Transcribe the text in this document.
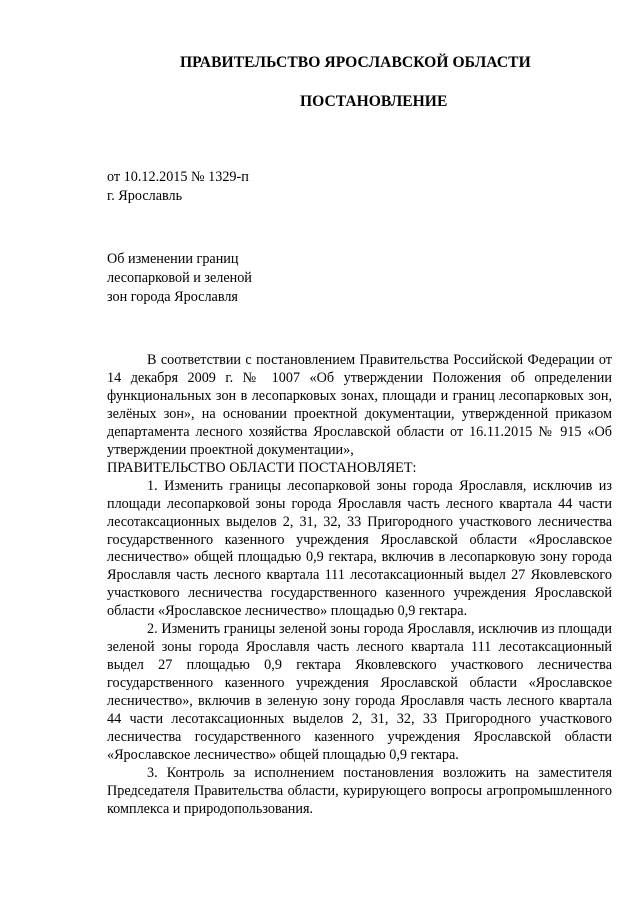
ПРАВИТЕЛЬСТВО ЯРОСЛАВСКОЙ ОБЛАСТИ
ПОСТАНОВЛЕНИЕ
от 10.12.2015 № 1329-п
г. Ярославль
Об изменении границ
лесопарковой и зеленой
зон города Ярославля

В соответствии с постановлением Правительства Российской Федерации от 14 декабря 2009 г. № 1007 «Об утверждении Положения об определении функциональных зон в лесопарковых зонах, площади и границ лесопарковых зон, зелёных зон», на основании проектной документации, утвержденной приказом департамента лесного хозяйства Ярославской области от 16.11.2015 № 915 «Об утверждении проектной документации»,

ПРАВИТЕЛЬСТВО ОБЛАСТИ ПОСТАНОВЛЯЕТ:

1. Изменить границы лесопарковой зоны города Ярославля, исключив из площади лесопарковой зоны города Ярославля часть лесного квартала 44 части лесотаксационных выделов 2, 31, 32, 33 Пригородного участкового лесничества государственного казенного учреждения Ярославской области «Ярославское лесничество» общей площадью 0,9 гектара, включив в лесопарковую зону города Ярославля часть лесного квартала 111 лесотаксационный выдел 27 Яковлевского участкового лесничества государственного казенного учреждения Ярославской области «Ярославское лесничество» площадью 0,9 гектара.

2. Изменить границы зеленой зоны города Ярославля, исключив из площади зеленой зоны города Ярославля часть лесного квартала 111 лесотаксационный выдел 27 площадью 0,9 гектара Яковлевского участкового лесничества государственного казенного учреждения Ярославской области «Ярославское лесничество», включив в зеленую зону города Ярославля часть лесного квартала 44 части лесотаксационных выделов 2, 31, 32, 33 Пригородного участкового лесничества государственного казенного учреждения Ярославской области «Ярославское лесничество» общей площадью 0,9 гектара.

3. Контроль за исполнением постановления возложить на заместителя Председателя Правительства области, курирующего вопросы агропромышленного комплекса и природопользования.
